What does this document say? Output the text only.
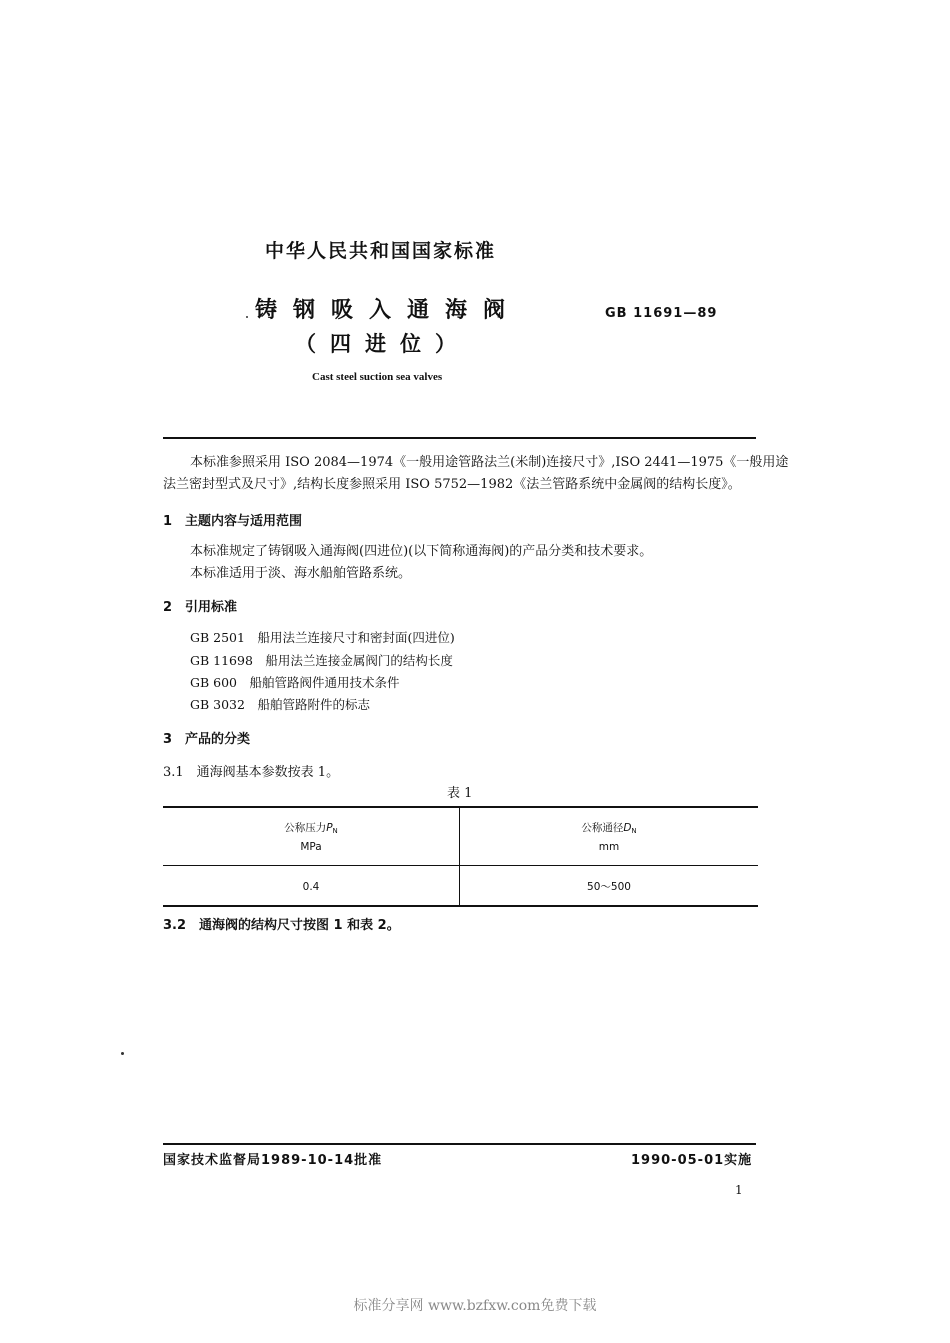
中华人民共和国国家标准
铸钢吸入通海阀
（四进位）
GB 11691—89
Cast steel suction sea valves
本标准参照采用 ISO 2084—1974《一般用途管路法兰(米制)连接尺寸》,ISO 2441—1975《一般用途
法兰密封型式及尺寸》,结构长度参照采用 ISO 5752—1982《法兰管路系统中金属阀的结构长度》。
1　主题内容与适用范围
本标准规定了铸钢吸入通海阀(四进位)(以下简称通海阀)的产品分类和技术要求。
本标准适用于淡、海水船舶管路系统。
2　引用标准
GB 2501　船用法兰连接尺寸和密封面(四进位)
GB 11698　船用法兰连接金属阀门的结构长度
GB 600　船舶管路阀件通用技术条件
GB 3032　船舶管路附件的标志
3　产品的分类
3.1　通海阀基本参数按表 1。
表 1
公称压力$P_N$
MPa
公称通径$D_N$
mm
0.4	50～500
3.2　通海阀的结构尺寸按图 1 和表 2。
国家技术监督局1989-10-14批准	1990-05-01实施
1
标准分享网 www.bzfxw.com免费下载
